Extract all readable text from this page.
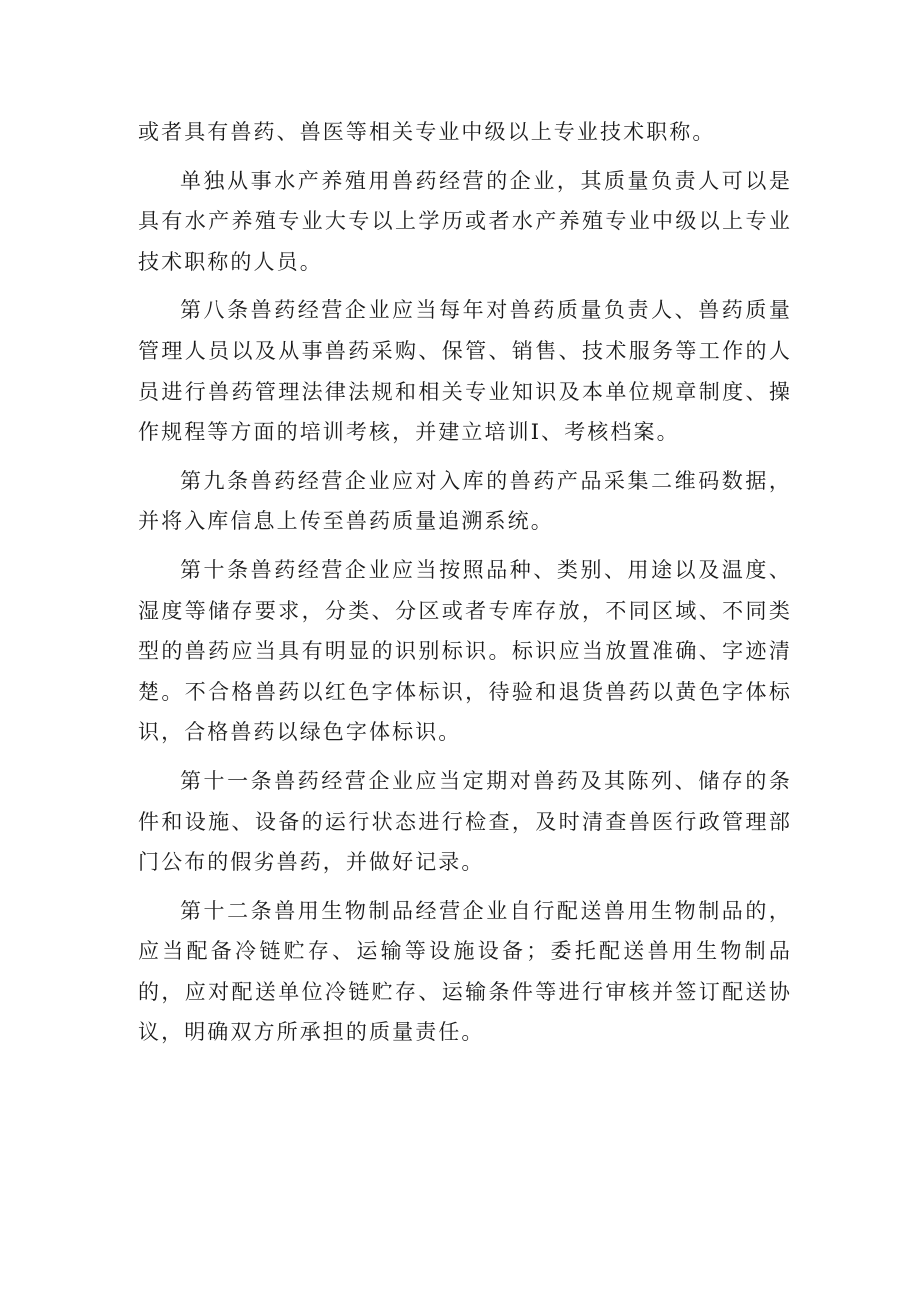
或者具有兽药、兽医等相关专业中级以上专业技术职称。

单独从事水产养殖用兽药经营的企业，其质量负责人可以是具有水产养殖专业大专以上学历或者水产养殖专业中级以上专业技术职称的人员。

第八条兽药经营企业应当每年对兽药质量负责人、兽药质量管理人员以及从事兽药采购、保管、销售、技术服务等工作的人员进行兽药管理法律法规和相关专业知识及本单位规章制度、操作规程等方面的培训考核，并建立培训I、考核档案。

第九条兽药经营企业应对入库的兽药产品采集二维码数据，并将入库信息上传至兽药质量追溯系统。

第十条兽药经营企业应当按照品种、类别、用途以及温度、湿度等储存要求，分类、分区或者专库存放，不同区域、不同类型的兽药应当具有明显的识别标识。标识应当放置准确、字迹清楚。不合格兽药以红色字体标识，待验和退货兽药以黄色字体标识，合格兽药以绿色字体标识。

第十一条兽药经营企业应当定期对兽药及其陈列、储存的条件和设施、设备的运行状态进行检查，及时清查兽医行政管理部门公布的假劣兽药，并做好记录。

第十二条兽用生物制品经营企业自行配送兽用生物制品的，应当配备冷链贮存、运输等设施设备；委托配送兽用生物制品的，应对配送单位冷链贮存、运输条件等进行审核并签订配送协议，明确双方所承担的质量责任。
